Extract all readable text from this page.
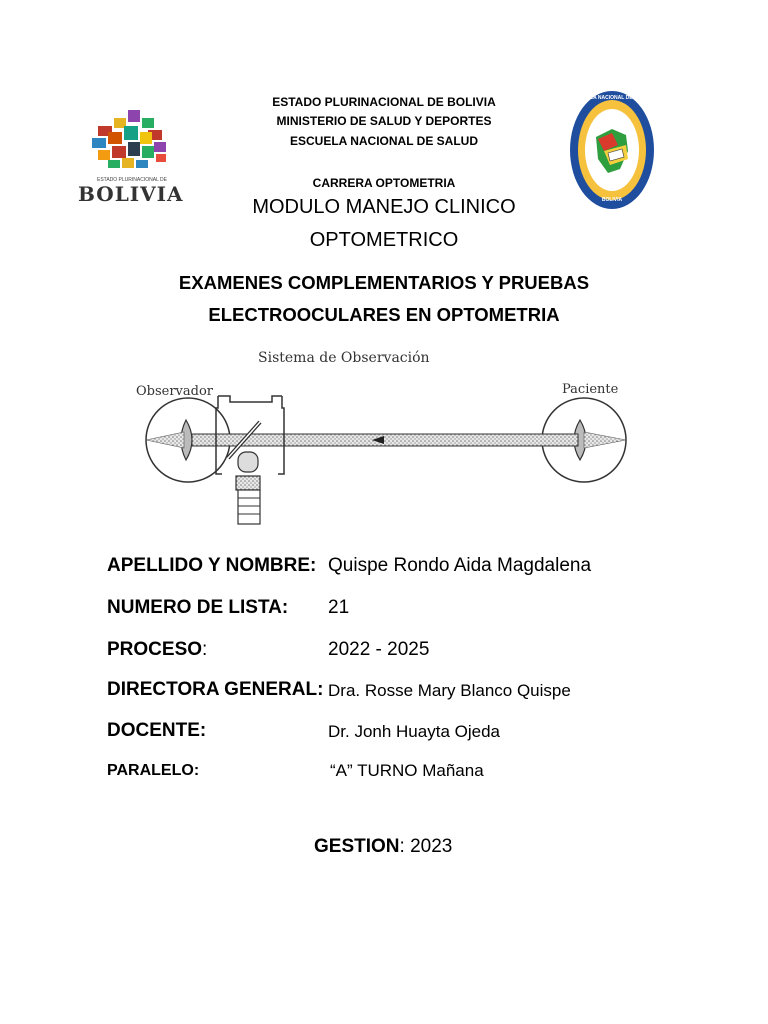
ESTADO PLURINACIONAL DE
BOLIVIA
ESCUELA NACIONAL DE SALUD
BOLIVIA
ESTADO PLURINACIONAL DE BOLIVIA
MINISTERIO DE SALUD Y DEPORTES
ESCUELA NACIONAL DE SALUD
CARRERA OPTOMETRIA
MODULO MANEJO CLINICO
OPTOMETRICO
EXAMENES COMPLEMENTARIOS Y PRUEBAS
ELECTROOCULARES EN OPTOMETRIA
Sistema de Observación
Observador	Paciente
APELLIDO Y NOMBRE: Quispe Rondo Aida Magdalena
NUMERO DE LISTA: 21
PROCESO:	2022 - 2025
DIRECTORA GENERAL: Dra. Rosse Mary Blanco Quispe
DOCENTE:	Dr. Jonh Huayta Ojeda
PARALELO:	“A” TURNO Mañana
GESTION: 2023
